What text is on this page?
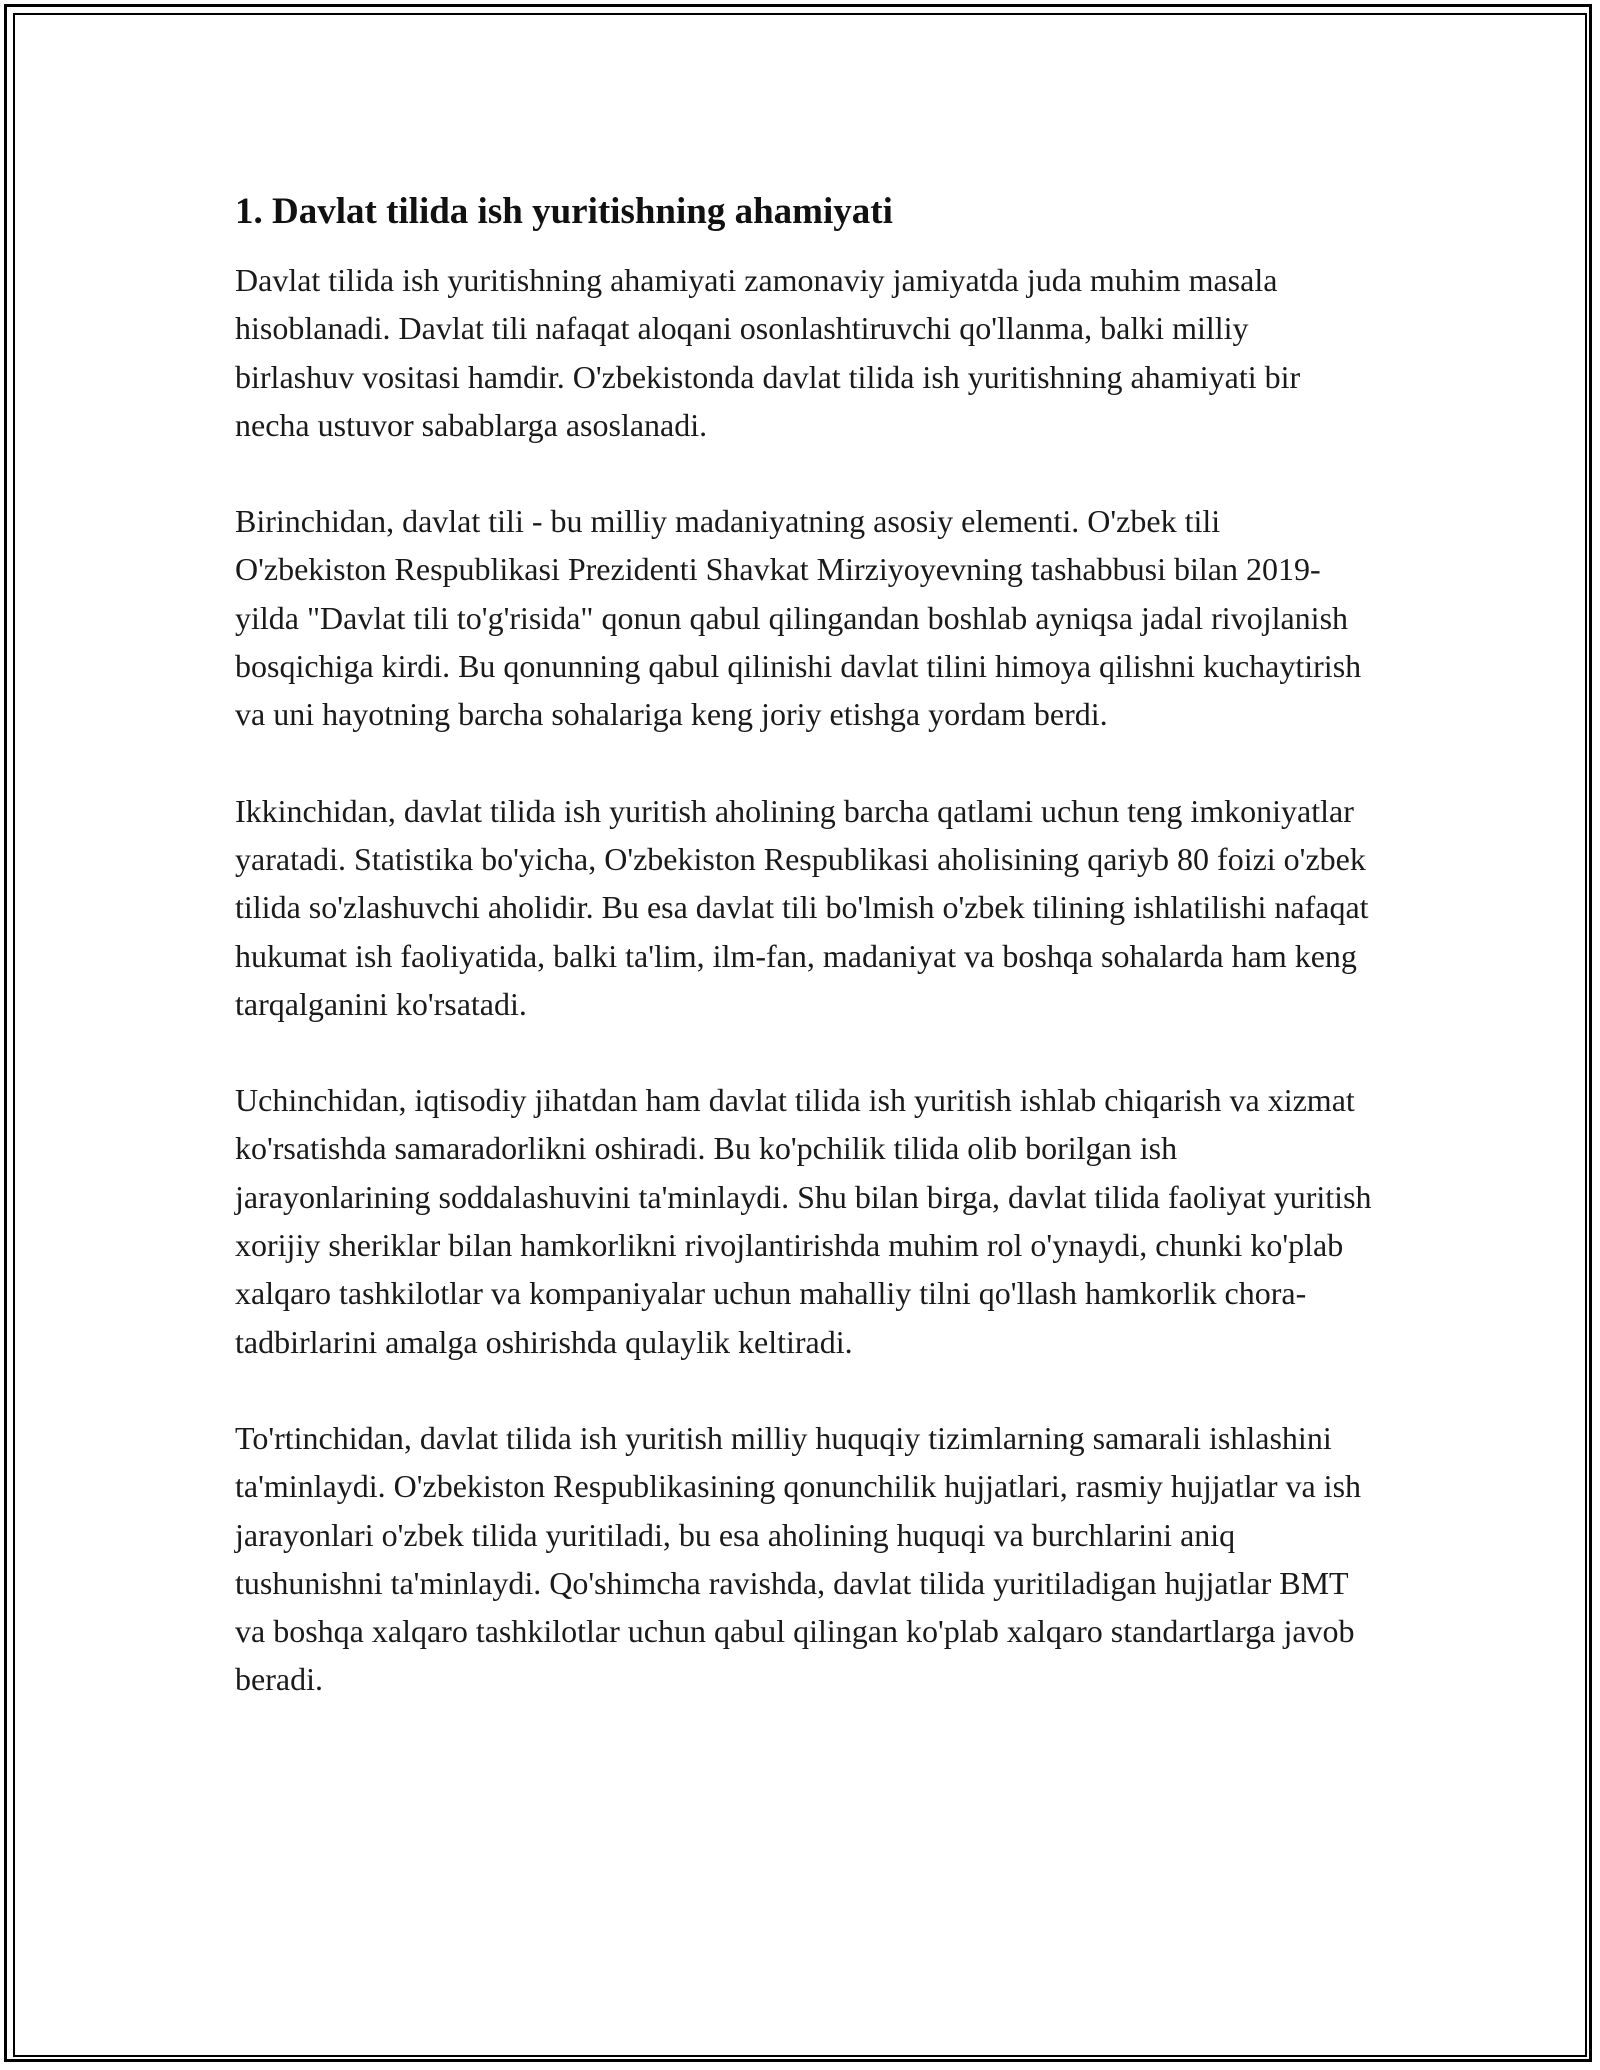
1. Davlat tilida ish yuritishning ahamiyati

Davlat tilida ish yuritishning ahamiyati zamonaviy jamiyatda juda muhim masala hisoblanadi. Davlat tili nafaqat aloqani osonlashtiruvchi qo'llanma, balki milliy birlashuv vositasi hamdir. O'zbekistonda davlat tilida ish yuritishning ahamiyati bir necha ustuvor sabablarga asoslanadi.

Birinchidan, davlat tili - bu milliy madaniyatning asosiy elementi. O'zbek tili O'zbekiston Respublikasi Prezidenti Shavkat Mirziyoyevning tashabbusi bilan 2019-yilda "Davlat tili to'g'risida" qonun qabul qilingandan boshlab ayniqsa jadal rivojlanish bosqichiga kirdi. Bu qonunning qabul qilinishi davlat tilini himoya qilishni kuchaytirish va uni hayotning barcha sohalariga keng joriy etishga yordam berdi.

Ikkinchidan, davlat tilida ish yuritish aholining barcha qatlami uchun teng imkoniyatlar yaratadi. Statistika bo'yicha, O'zbekiston Respublikasi aholisining qariyb 80 foizi o'zbek tilida so'zlashuvchi aholidir. Bu esa davlat tili bo'lmish o'zbek tilining ishlatilishi nafaqat hukumat ish faoliyatida, balki ta'lim, ilm-fan, madaniyat va boshqa sohalarda ham keng tarqalganini ko'rsatadi.

Uchinchidan, iqtisodiy jihatdan ham davlat tilida ish yuritish ishlab chiqarish va xizmat ko'rsatishda samaradorlikni oshiradi. Bu ko'pchilik tilida olib borilgan ish jarayonlarining soddalashuvini ta'minlaydi. Shu bilan birga, davlat tilida faoliyat yuritish xorijiy sheriklar bilan hamkorlikni rivojlantirishda muhim rol o'ynaydi, chunki ko'plab xalqaro tashkilotlar va kompaniyalar uchun mahalliy tilni qo'llash hamkorlik chora-tadbirlarini amalga oshirishda qulaylik keltiradi.

To'rtinchidan, davlat tilida ish yuritish milliy huquqiy tizimlarning samarali ishlashini ta'minlaydi. O'zbekiston Respublikasining qonunchilik hujjatlari, rasmiy hujjatlar va ish jarayonlari o'zbek tilida yuritiladi, bu esa aholining huquqi va burchlarini aniq tushunishni ta'minlaydi. Qo'shimcha ravishda, davlat tilida yuritiladigan hujjatlar BMT va boshqa xalqaro tashkilotlar uchun qabul qilingan ko'plab xalqaro standartlarga javob beradi.
